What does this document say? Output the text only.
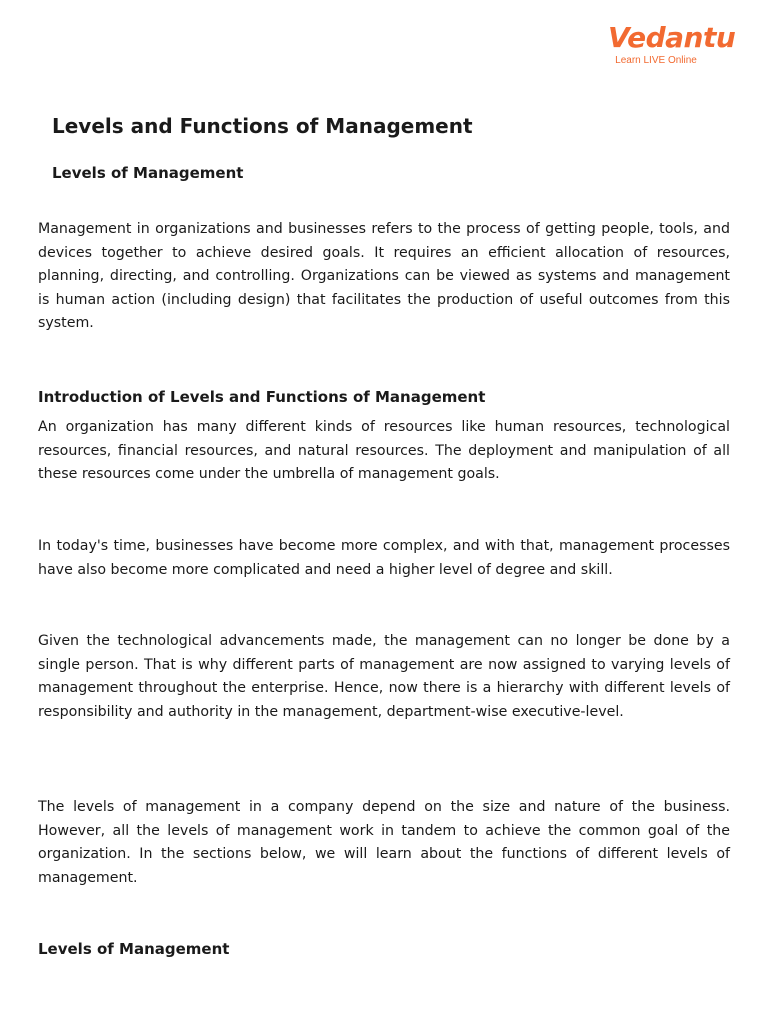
Vedantu
Learn LIVE Online
Levels and Functions of Management
Levels of Management

Management in organizations and businesses refers to the process of getting people, tools, and devices together to achieve desired goals. It requires an efficient allocation of resources, planning, directing, and controlling. Organizations can be viewed as systems and management is human action (including design) that facilitates the production of useful outcomes from this system.

Introduction of Levels and Functions of Management

An organization has many different kinds of resources like human resources, technological resources, financial resources, and natural resources. The deployment and manipulation of all these resources come under the umbrella of management goals.

In today's time, businesses have become more complex, and with that, management processes have also become more complicated and need a higher level of degree and skill.

Given the technological advancements made, the management can no longer be done by a single person. That is why different parts of management are now assigned to varying levels of management throughout the enterprise. Hence, now there is a hierarchy with different levels of responsibility and authority in the management, department-wise executive-level.

The levels of management in a company depend on the size and nature of the business. However, all the levels of management work in tandem to achieve the common goal of the organization. In the sections below, we will learn about the functions of different levels of management.

Levels of Management
